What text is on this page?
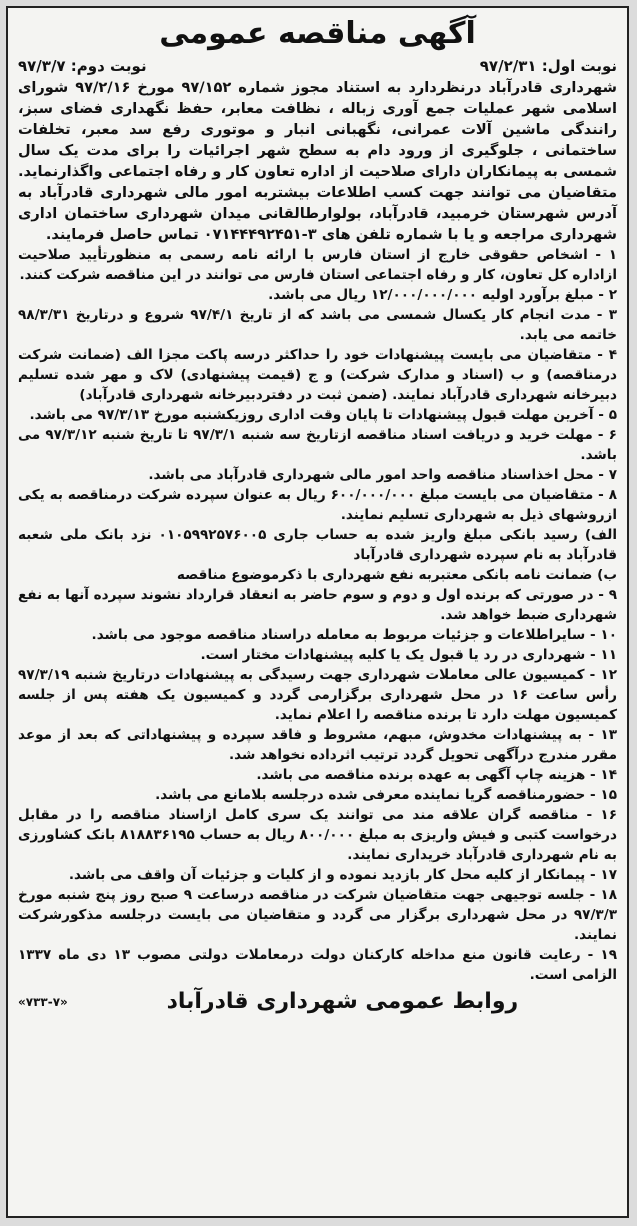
آگهی مناقصه عمومی
نوبت اول: ۹۷/۲/۳۱
نوبت دوم: ۹۷/۳/۷
شهرداری قادرآباد درنظردارد به استناد مجوز شماره ۹۷/۱۵۲ مورخ ۹۷/۲/۱۶ شورای اسلامی شهر عملیات جمع آوری زباله ، نظافت معابر، حفظ نگهداری فضای سبز، رانندگی ماشین آلات عمرانی، نگهبانی انبار و موتوری رفع سد معبر، تخلفات ساختمانی ، جلوگیری از ورود دام به سطح شهر اجرائیات را برای مدت یک سال شمسی به پیمانکاران دارای صلاحیت از اداره تعاون کار و رفاه اجتماعی واگذارنماید. متقاضیان می توانند جهت کسب اطلاعات بیشتربه امور مالی شهرداری قادرآباد به آدرس شهرستان خرمبید، قادرآباد، بولوارطالقانی میدان شهرداری ساختمان اداری شهرداری مراجعه و یا با شماره تلفن های ۳-۰۷۱۴۴۴۹۲۴۵۱ تماس حاصل فرمایند.
۱ - اشخاص حقوقی خارج از استان فارس با ارائه نامه رسمی به منظورتأیید صلاحیت ازاداره کل تعاون، کار و رفاه اجتماعی استان فارس می توانند در این مناقصه شرکت کنند.
۲ - مبلغ برآورد اولیه ۱۲/۰۰۰/۰۰۰/۰۰۰ ریال می باشد.
۳ - مدت انجام کار یکسال شمسی می باشد که از تاریخ ۹۷/۴/۱ شروع و درتاریخ ۹۸/۳/۳۱ خاتمه می یابد.
۴ - متقاضیان می بایست پیشنهادات خود را حداکثر درسه پاکت مجزا الف (ضمانت شرکت درمناقصه) و ب (اسناد و مدارک شرکت) و ج (قیمت پیشنهادی) لاک و مهر شده تسلیم دبیرخانه شهرداری قادرآباد نمایند. (ضمن ثبت در دفتردبیرخانه شهرداری قادرآباد)
۵ - آخرین مهلت قبول پیشنهادات تا پایان وقت اداری روزیکشنبه مورخ ۹۷/۳/۱۳ می باشد.
۶ - مهلت خرید و دریافت اسناد مناقصه ازتاریخ سه شنبه ۹۷/۳/۱ تا تاریخ شنبه ۹۷/۳/۱۲ می باشد.
۷ - محل اخذاسناد مناقصه واحد امور مالی شهرداری قادرآباد می باشد.
۸ - متقاضیان می بایست مبلغ ۶۰۰/۰۰۰/۰۰۰ ریال به عنوان سپرده شرکت درمناقصه به یکی ازروشهای ذیل به شهرداری تسلیم نمایند.
الف) رسید بانکی مبلغ واریز شده به حساب جاری ۰۱۰۵۹۹۲۵۷۶۰۰۵ نزد بانک ملی شعبه قادرآباد به نام سپرده شهرداری قادرآباد
ب) ضمانت نامه بانکی معتبربه نفع شهرداری با ذکرموضوع مناقصه
۹ - در صورتی که برنده اول و دوم و سوم حاضر به انعقاد قرارداد نشوند سپرده آنها به نفع شهرداری ضبط خواهد شد.
۱۰ - سایراطلاعات و جزئیات مربوط به معامله دراسناد مناقصه موجود می باشد.
۱۱ - شهرداری در رد یا قبول یک یا کلیه پیشنهادات مختار است.
۱۲ - کمیسیون عالی معاملات شهرداری جهت رسیدگی به پیشنهادات درتاریخ شنبه ۹۷/۳/۱۹ رأس ساعت ۱۶ در محل شهرداری برگزارمی گردد و کمیسیون یک هفته پس از جلسه کمیسیون مهلت دارد تا برنده مناقصه را اعلام نماید.
۱۳ - به پیشنهادات مخدوش، مبهم، مشروط و فاقد سپرده و پیشنهاداتی که بعد از موعد مقرر مندرج درآگهی تحویل گردد ترتیب اثرداده نخواهد شد.
۱۴ - هزینه چاپ آگهی به عهده برنده مناقصه می باشد.
۱۵ - حضورمناقصه گریا نماینده معرفی شده درجلسه بلامانع می باشد.
۱۶ - مناقصه گران علاقه مند می توانند یک سری کامل ازاسناد مناقصه را در مقابل درخواست کتبی و فیش واریزی به مبلغ ۸۰۰/۰۰۰ ریال به حساب ۸۱۸۸۳۶۱۹۵ بانک کشاورزی به نام شهرداری قادرآباد خریداری نمایند.
۱۷ - پیمانکار از کلیه محل کار بازدید نموده و از کلیات و جزئیات آن واقف می باشد.
۱۸ - جلسه توجیهی جهت متقاضیان شرکت در مناقصه درساعت ۹ صبح روز پنج شنبه مورخ ۹۷/۳/۳ در محل شهرداری برگزار می گردد و متقاضیان می بایست درجلسه مذکورشرکت نمایند.
۱۹ - رعایت قانون منع مداخله کارکنان دولت درمعاملات دولتی مصوب ۱۳ دی ماه ۱۳۳۷ الزامی است.
روابط عمومی شهرداری قادرآباد
«۷۳۳-۷»
